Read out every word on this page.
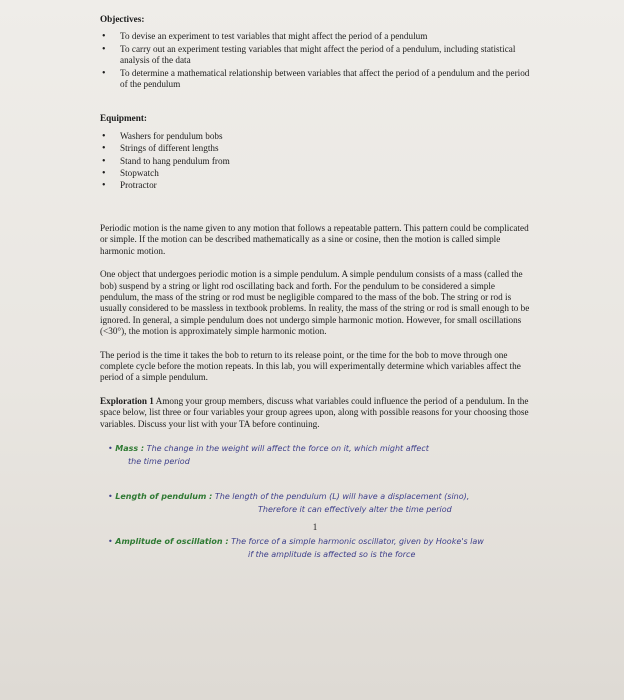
Objectives:
• To devise an experiment to test variables that might affect the period of a pendulum
• To carry out an experiment testing variables that might affect the period of a pendulum, including statistical analysis of the data
• To determine a mathematical relationship between variables that affect the period of a pendulum and the period of the pendulum
Equipment:
• Washers for pendulum bobs
• Strings of different lengths
• Stand to hang pendulum from
• Stopwatch
• Protractor

Periodic motion is the name given to any motion that follows a repeatable pattern. This pattern could be complicated or simple. If the motion can be described mathematically as a sine or cosine, then the motion is called simple harmonic motion.

One object that undergoes periodic motion is a simple pendulum. A simple pendulum consists of a mass (called the bob) suspend by a string or light rod oscillating back and forth. For the pendulum to be considered a simple pendulum, the mass of the string or rod must be negligible compared to the mass of the bob. The string or rod is usually considered to be massless in textbook problems. In reality, the mass of the string or rod is small enough to be ignored. In general, a simple pendulum does not undergo simple harmonic motion. However, for small oscillations (<30°), the motion is approximately simple harmonic motion.

The period is the time it takes the bob to return to its release point, or the time for the bob to move through one complete cycle before the motion repeats. In this lab, you will experimentally determine which variables affect the period of a simple pendulum.

Exploration 1 Among your group members, discuss what variables could influence the period of a pendulum. In the space below, list three or four variables your group agrees upon, along with possible reasons for your choosing those variables. Discuss your list with your TA before continuing.

• Mass : The change in the weight will affect the force on it, which might affect
the time period
• Length of pendulum : The length of the pendulum (L) will have a displacement (sino),
Therefore it can effectively alter the time period
1
• Amplitude of oscillation : The force of a simple harmonic oscillator, given by Hooke's law
if the amplitude is affected so is the force
